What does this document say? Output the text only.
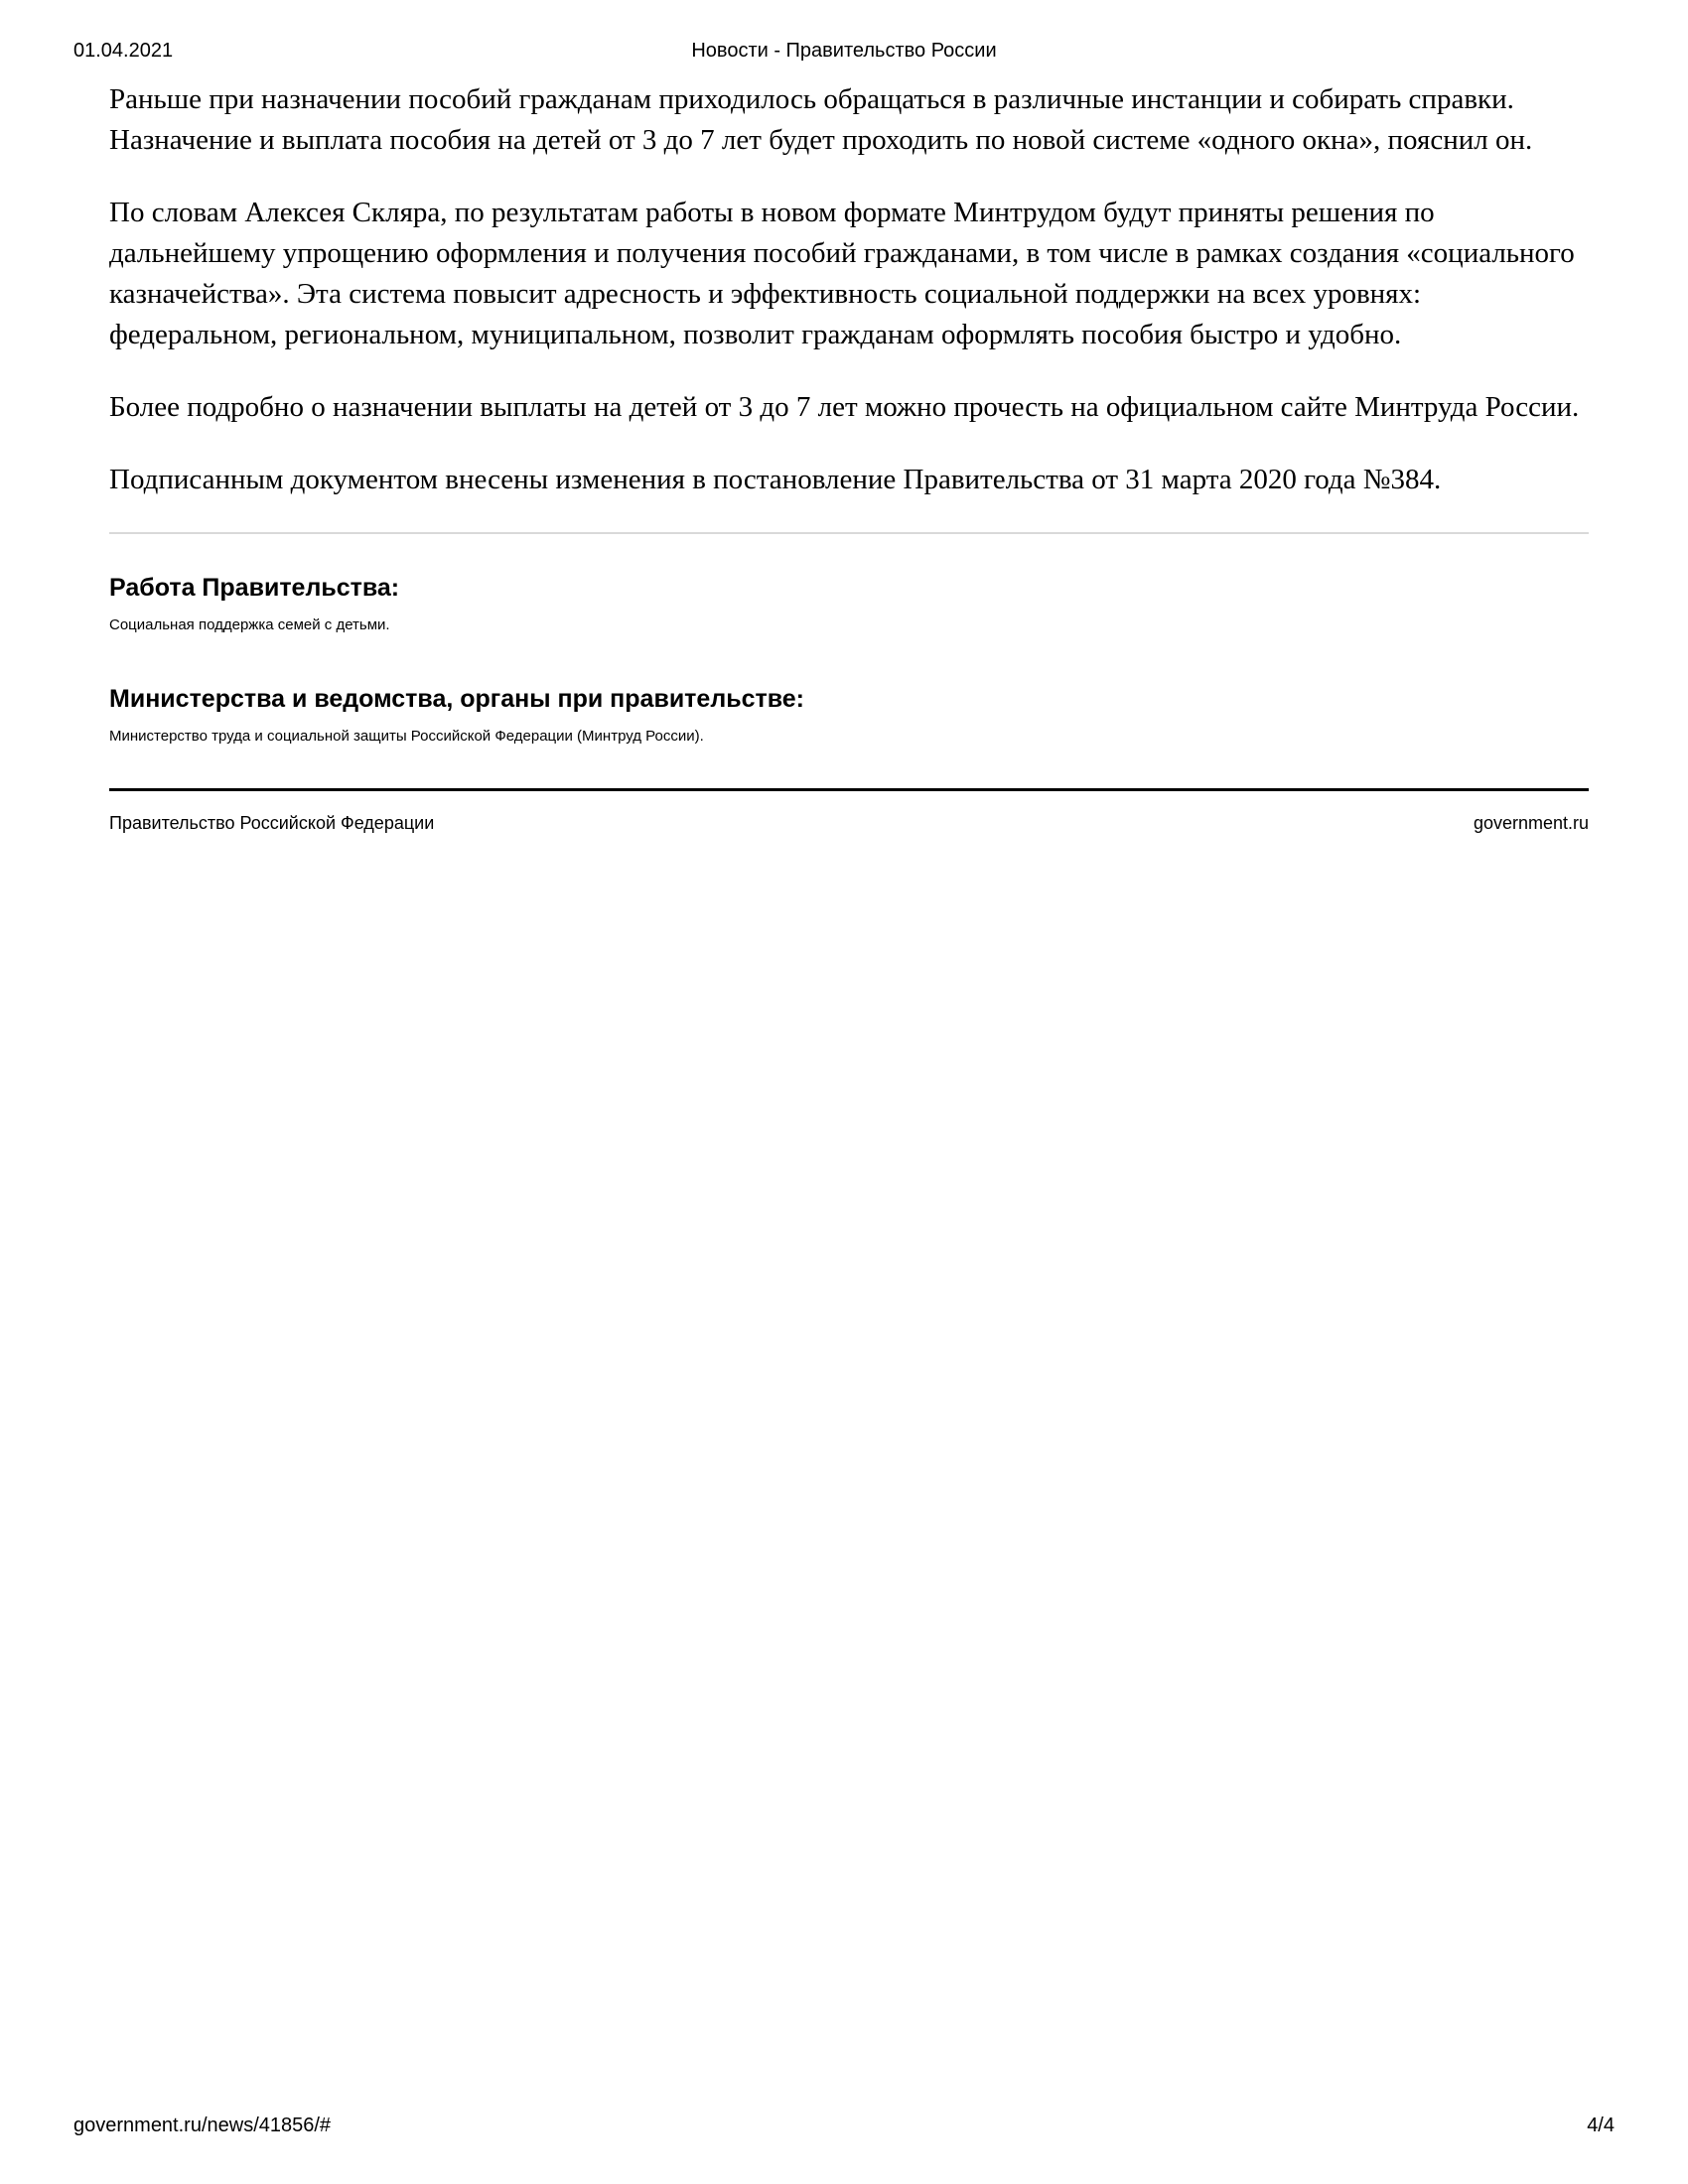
01.04.2021	Новости - Правительство России

Раньше при назначении пособий гражданам приходилось обращаться в различные инстанции и собирать справки. Назначение и выплата пособия на детей от 3 до 7 лет будет проходить по новой системе «одного окна», пояснил он.

По словам Алексея Скляра, по результатам работы в новом формате Минтрудом будут приняты решения по дальнейшему упрощению оформления и получения пособий гражданами, в том числе в рамках создания «социального казначейства». Эта система повысит адресность и эффективность социальной поддержки на всех уровнях: федеральном, региональном, муниципальном, позволит гражданам оформлять пособия быстро и удобно.

Более подробно о назначении выплаты на детей от 3 до 7 лет можно прочесть на официальном сайте Минтруда России.

Подписанным документом внесены изменения в постановление Правительства от 31 марта 2020 года №384.

Работа Правительства:
Социальная поддержка семей с детьми.
Министерства и ведомства, органы при правительстве:
Министерство труда и социальной защиты Российской Федерации (Минтруд России).
Правительство Российской Федерации	government.ru
government.ru/news/41856/#	4/4
